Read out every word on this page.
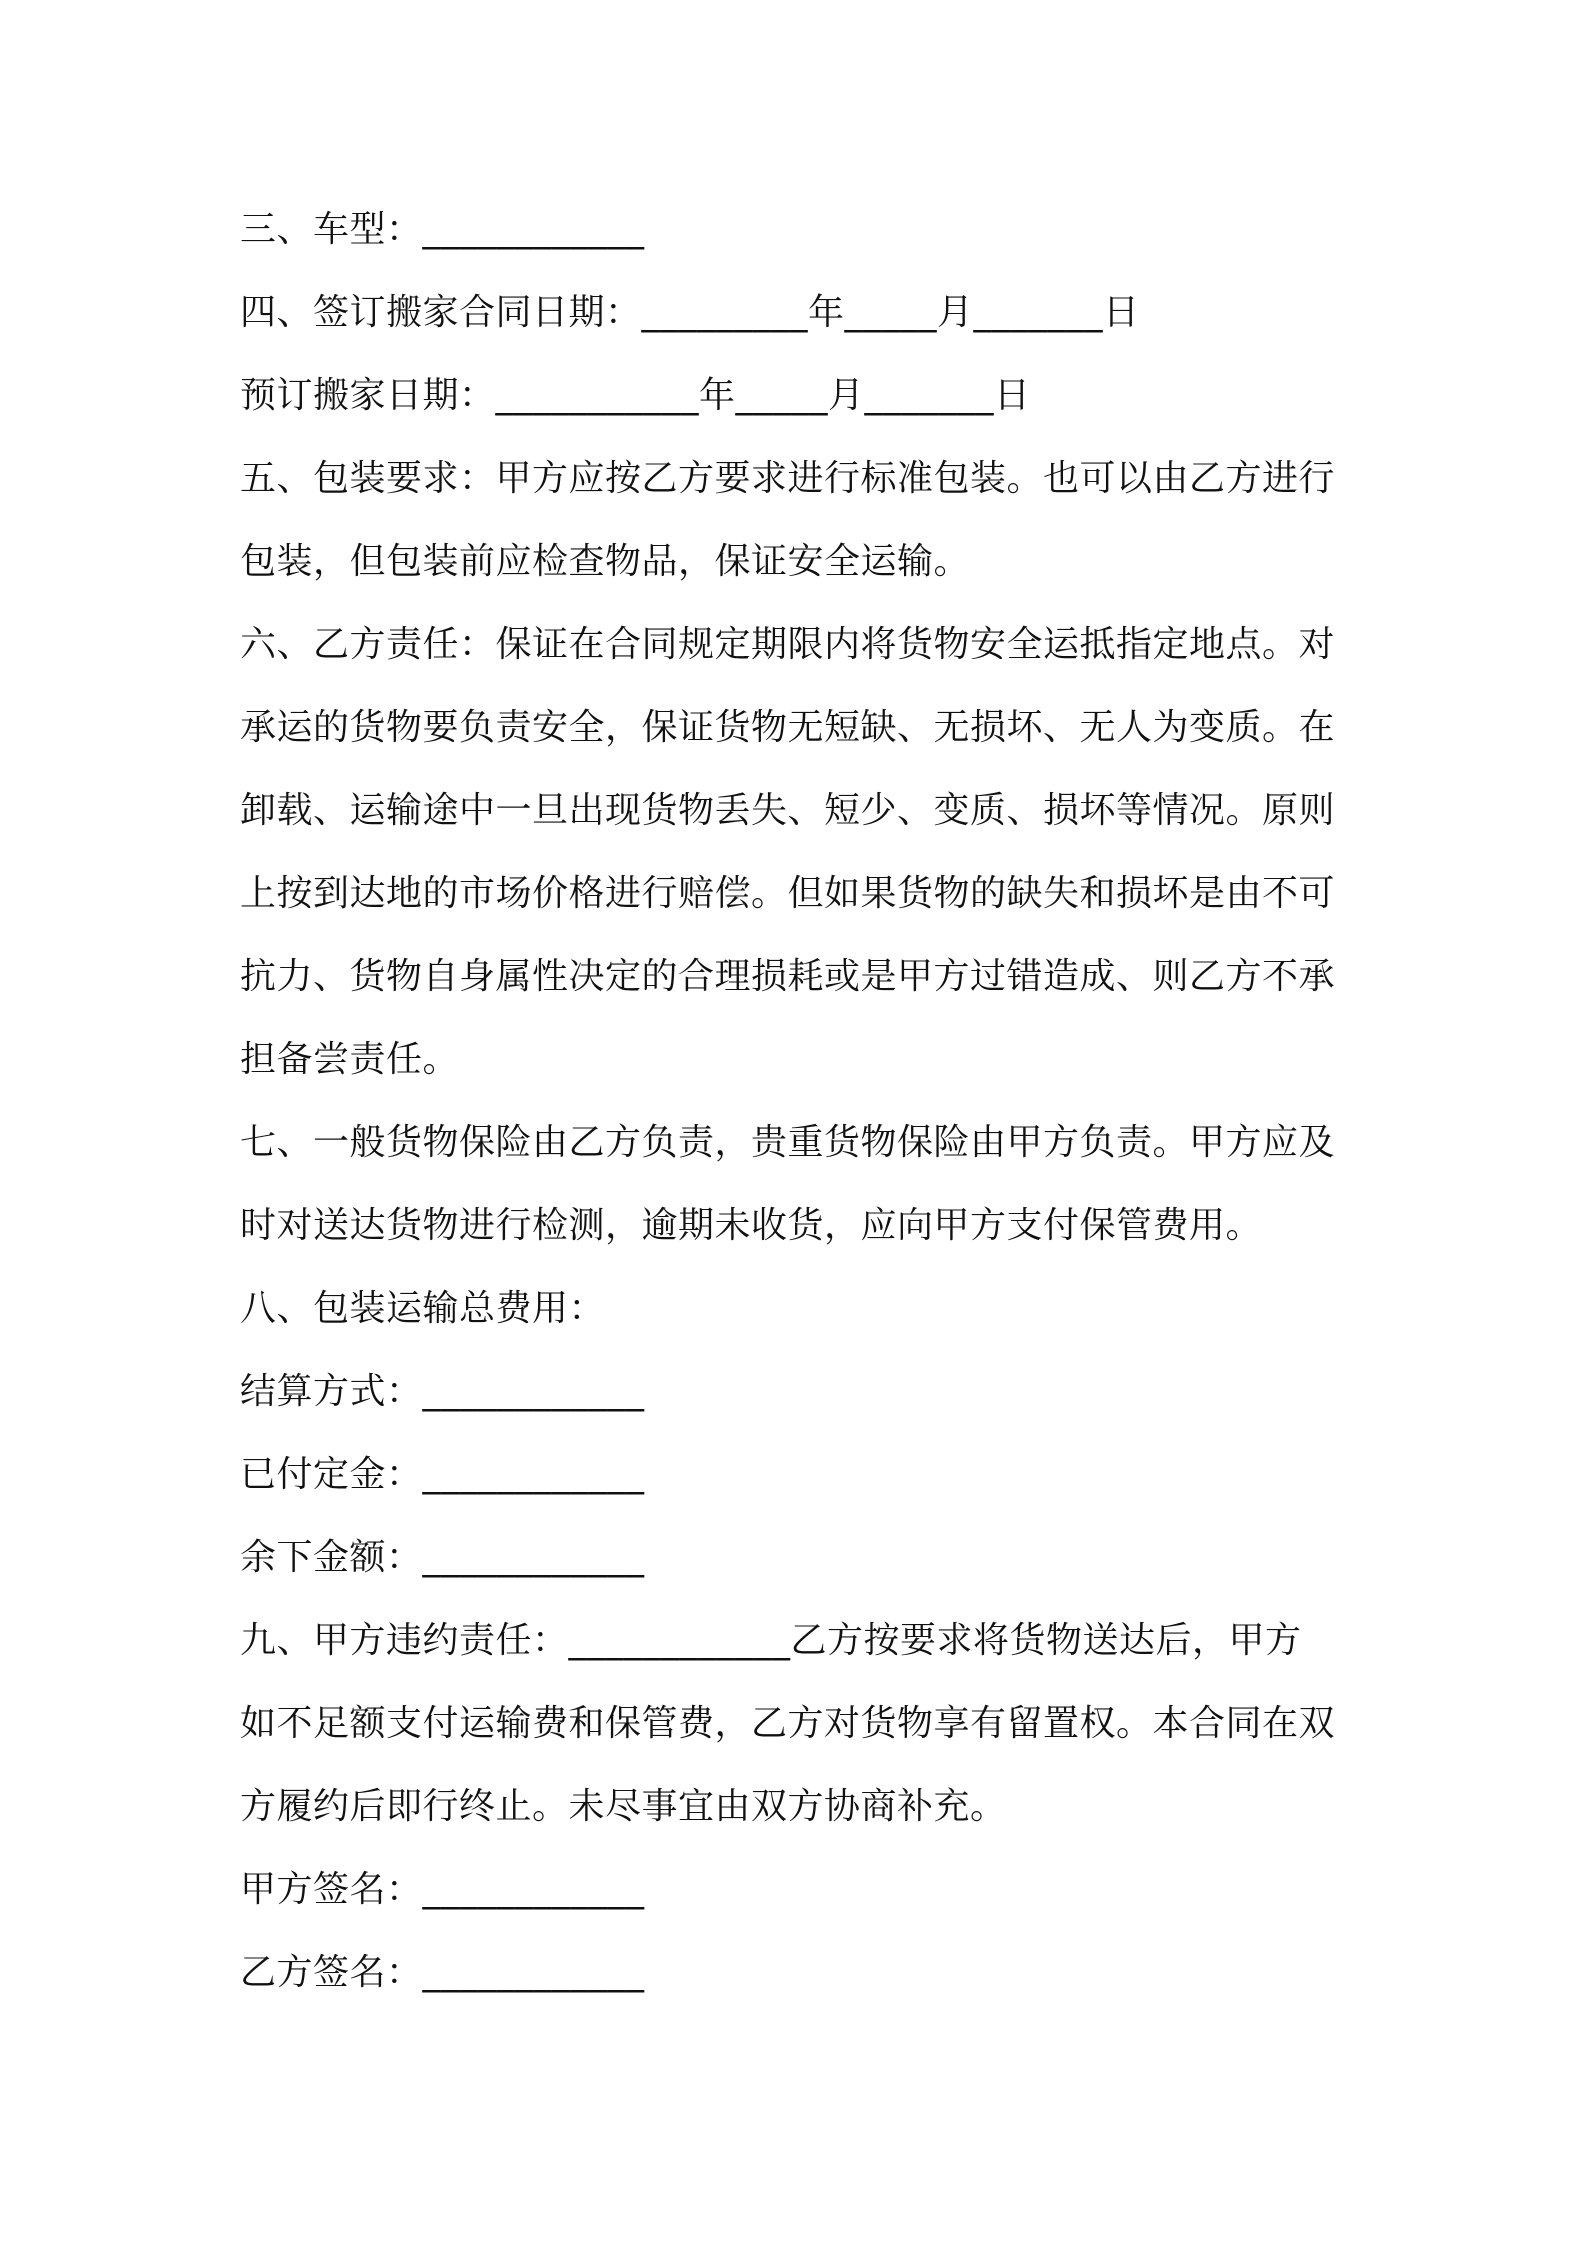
三、车型：____________
四、签订搬家合同日期：_________年_____月_______日
预订搬家日期：___________年_____月_______日
五、包装要求：甲方应按乙方要求进行标准包装。也可以由乙方进行
包装，但包装前应检查物品，保证安全运输。
六、乙方责任：保证在合同规定期限内将货物安全运抵指定地点。对
承运的货物要负责安全，保证货物无短缺、无损坏、无人为变质。在
卸载、运输途中一旦出现货物丢失、短少、变质、损坏等情况。原则
上按到达地的市场价格进行赔偿。但如果货物的缺失和损坏是由不可
抗力、货物自身属性决定的合理损耗或是甲方过错造成、则乙方不承
担备尝责任。
七、一般货物保险由乙方负责，贵重货物保险由甲方负责。甲方应及
时对送达货物进行检测，逾期未收货，应向甲方支付保管费用。
八、包装运输总费用：
结算方式：____________
已付定金：____________
余下金额：____________
九、甲方违约责任：____________乙方按要求将货物送达后，甲方
如不足额支付运输费和保管费，乙方对货物享有留置权。本合同在双
方履约后即行终止。未尽事宜由双方协商补充。
甲方签名：____________
乙方签名：____________
